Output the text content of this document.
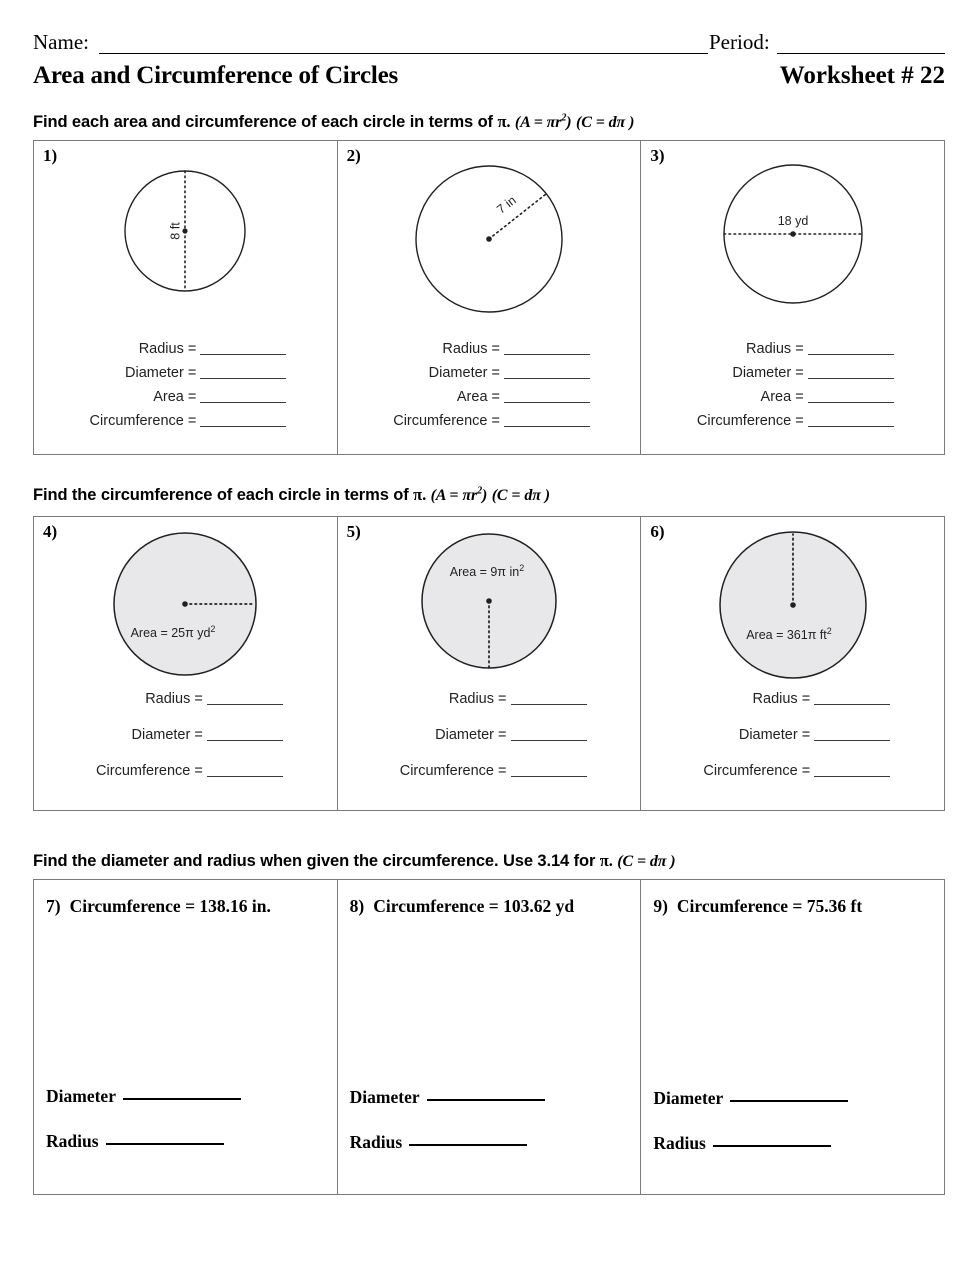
Name:	Period:
Area and Circumference of Circles	Worksheet # 22
Find each area and circumference of each circle in terms of π. $(A = \pi r^2)$ (C = dπ )
1)
8 ft
Radius =
Diameter =
Area =
Circumference =
2)
7 in
Radius =
Diameter =
Area =
Circumference =
3)
18 yd
Radius =
Diameter =
Area =
Circumference =
Find the circumference of each circle in terms of π. $(A = \pi r^2)$ (C = dπ )
4)
Area = 25π $yd^2$
Radius =
Diameter =
Circumference =
5)
Area = 9π $in^2$
Radius =
Diameter =
Circumference =
6)
Area = 361π $ft^2$
Radius =
Diameter =
Circumference =
Find the diameter and radius when given the circumference. Use 3.14 for π. (C = dπ )
7) Circumference = 138.16 in.
Diameter
Radius
8) Circumference = 103.62 yd
Diameter
Radius
9) Circumference = 75.36 ft
Diameter
Radius
